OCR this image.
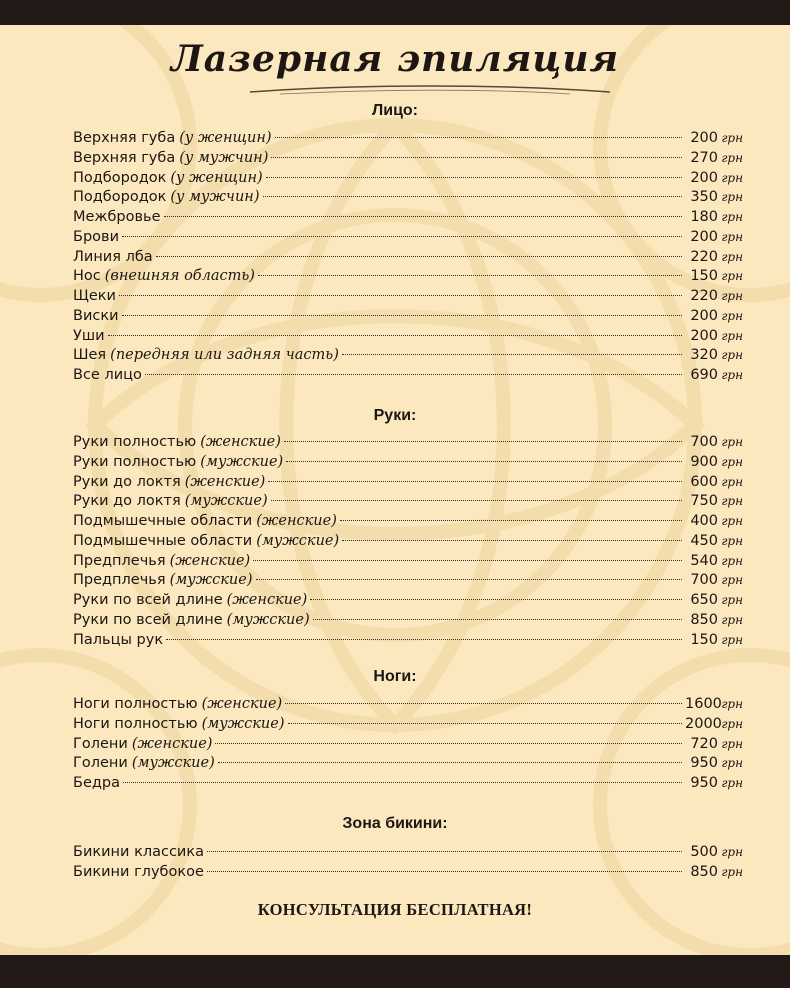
Лазерная эпиляция
Лицо:
Верхняя губа (у женщин)	200 грн
Верхняя губа (у мужчин)	270 грн
Подбородок (у женщин)	200 грн
Подбородок (у мужчин)	350 грн
Межбровье	180 грн
Брови	200 грн
Линия лба	220 грн
Нос (внешняя область)	150 грн
Щеки	220 грн
Виски	200 грн
Уши	200 грн
Шея (передняя или задняя часть)	320 грн
Все лицо	690 грн
Руки:
Руки полностью (женские)	700 грн
Руки полностью (мужские)	900 грн
Руки до локтя (женские)	600 грн
Руки до локтя (мужские)	750 грн
Подмышечные области (женские)	400 грн
Подмышечные области (мужские)	450 грн
Предплечья (женские)	540 грн
Предплечья (мужские)	700 грн
Руки по всей длине (женские)	650 грн
Руки по всей длине (мужские)	850 грн
Пальцы рук	150 грн
Ноги:
Ноги полностью (женские)	1600 грн
Ноги полностью (мужские)	2000 грн
Голени (женские)	720 грн
Голени (мужские)	950 грн
Бедра	950 грн
Зона бикини:
Бикини классика	500 грн
Бикини глубокое	850 грн
КОНСУЛЬТАЦИЯ БЕСПЛАТНАЯ!
